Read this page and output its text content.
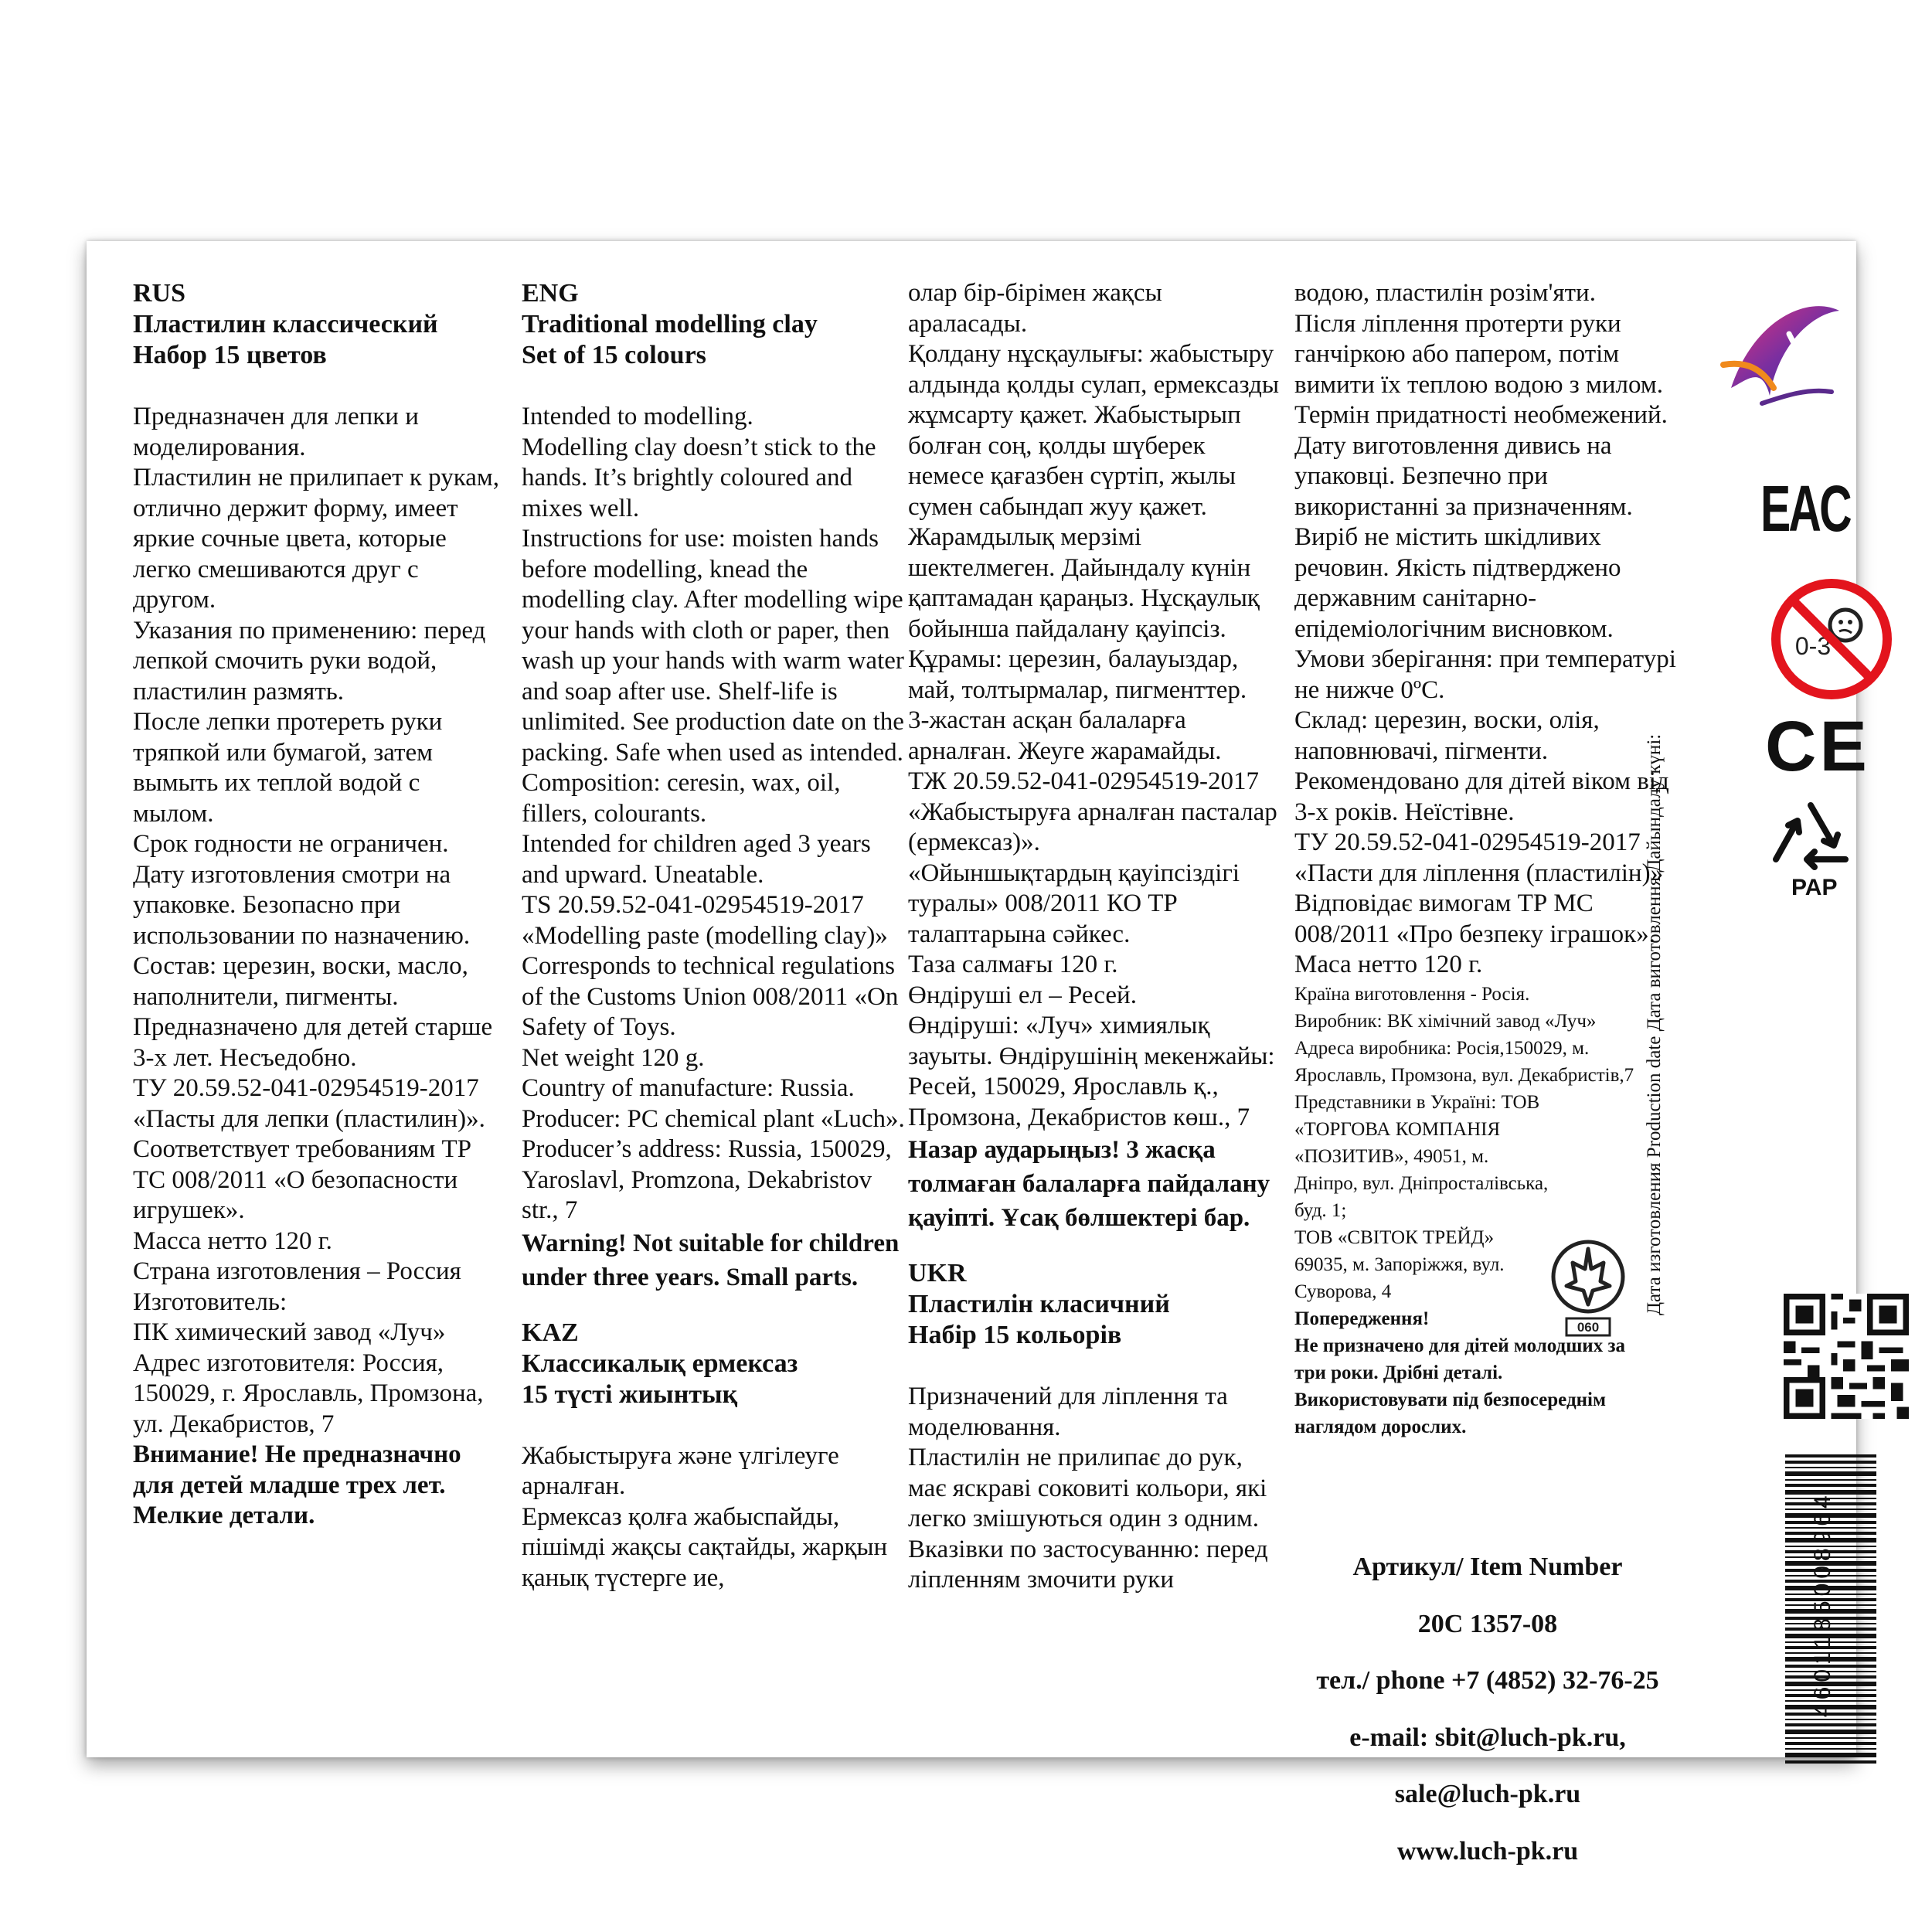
RUS
Пластилин классический
Набор 15 цветов

Предназначен для лепки и моделирования.

Пластилин не прилипает к рукам, отлично держит форму, имеет яркие сочные цвета, которые легко смешиваются друг с другом.

Указания по применению: перед лепкой смочить руки водой, пластилин размять.

После лепки протереть руки тряпкой или бумагой, затем вымыть их теплой водой с мылом.

Срок годности не ограничен.

Дату изготовления смотри на упаковке. Безопасно при использовании по назначению.

Состав: церезин, воски, масло, наполнители, пигменты.

Предназначено для детей старше 3-х лет. Несъедобно.

ТУ 20.59.52-041-02954519-2017 «Пасты для лепки (пластилин)».

Соответствует требованиям ТР ТС 008/2011 «О безопасности игрушек».

Масса нетто 120 г.

Страна изготовления – Россия

Изготовитель:

ПК химический завод «Луч»

Адрес изготовителя: Россия, 150029, г. Ярославль, Промзона, ул. Декабристов, 7

Внимание! Не предназначно для детей младше трех лет. Мелкие детали.

ENG
Traditional modelling clay
Set of 15 colours

Intended to modelling.

Modelling clay doesn’t stick to the hands. It’s brightly coloured and mixes well.

Instructions for use: moisten hands before modelling, knead the modelling clay. After modelling wipe your hands with cloth or paper, then wash up your hands with warm water and soap after use. Shelf-life is unlimited. See production date on the packing. Safe when used as intended.

Composition: ceresin, wax, oil, fillers, colourants.

Intended for children aged 3 years and upward. Uneatable.

TS 20.59.52-041-02954519-2017

«Modelling paste (modelling clay)»

Corresponds to technical regulations of the Customs Union 008/2011 «On Safety of Toys.

Net weight 120 g.

Country of manufacture: Russia.

Producer: PC chemical plant «Luch». Producer’s address: Russia, 150029, Yaroslavl, Promzona, Dekabristov str., 7

Warning! Not suitable for children under three years. Small parts.

KAZ
Классикалық ермексаз
15 түсті жиынтық

Жабыстыруға және үлгілеуге арналған.

Ермексаз қолға жабыспайды, пішімді жақсы сақтайды, жарқын қанық түстерге ие,

олар бір-бірімен жақсы араласады.

Қолдану нұсқаулығы: жабыстыру алдында қолды сулап, ермексазды жұмсарту қажет. Жабыстырып болған соң, қолды шүберек немесе қағазбен сүртіп, жылы сумен сабындап жуу қажет.

Жарамдылық мерзімі шектелмеген. Дайындалу күнін қаптамадан қараңыз. Нұсқаулық бойынша пайдалану қауіпсіз.

Құрамы: церезин, балауыздар, май, толтырмалар, пигменттер.

3-жастан асқан балаларға арналған. Жеуге жарамайды.

ТЖ 20.59.52-041-02954519-2017 «Жабыстыруға арналған пасталар (ермексаз)».

«Ойыншықтардың қауіпсіздігі туралы» 008/2011 КО ТР талаптарына сәйкес.

Таза салмағы 120 г.

Өндіруші ел – Ресей.

Өндіруші: «Луч» химиялық зауыты. Өндірушінің мекенжайы: Ресей, 150029, Ярославль қ., Промзона, Декабристов көш., 7

Назар аударыңыз! 3 жасқа толмаған балаларға пайдалану қауіпті. Ұсақ бөлшектері бар.

UKR
Пластилін класичний
Набір 15 кольорів

Призначений для ліплення та моделювання.

Пластилін не прилипає до рук, має яскраві соковиті кольори, які легко змішуються один з одним.

Вказівки по застосуванню: перед ліпленням змочити руки

водою, пластилін розім'яти.

Після ліплення протерти руки ганчіркою або папером, потім вимити їх теплою водою з милом. Термін придатності необмежений. Дату виготовлення дивись на упаковці. Безпечно при використанні за призначенням. Виріб не містить шкідливих речовин. Якість підтверджено державним санітарно-епідеміологічним висновком.

Умови зберігання: при температурі не нижче 0ºС.

Склад: церезин, воски, олія, наповнювачі, пігменти.

Рекомендовано для дітей віком від 3-х років. Неїстівне.

ТУ 20.59.52-041-02954519-2017 «Пасти для ліплення (пластилін)»

Відповідає вимогам ТР МС 008/2011 «Про безпеку іграшок».

Маса нетто 120 г.

Країна виготовлення - Росія.

Виробник: ВК хімічний завод «Луч»

Адреса виробника: Росія,150029, м. Ярославль, Промзона, вул. Декабристів,7

Представники в Україні: ТОВ «ТОРГОВА КОМПАНІЯ «ПОЗИТИВ», 49051, м. Дніпро, вул. Дніпросталівська, буд. 1;

ТОВ «СВІТОК ТРЕЙД» 69035, м. Запоріжжя, вул. Суворова, 4

Попередження!

Не призначено для дітей молодших за три роки. Дрібні деталі. Використовувати під безпосереднім наглядом дорослих.

060

Артикул/ Item Number

20С 1357-08

тел./ phone +7 (4852) 32-76-25

e-mail: sbit@luch-pk.ru,

sale@luch-pk.ru

www.luch-pk.ru

Дата изготовления Production date Дата виготовлення Дайындалу күні:
EAC
0-3
CE
PAP
4601185008964
